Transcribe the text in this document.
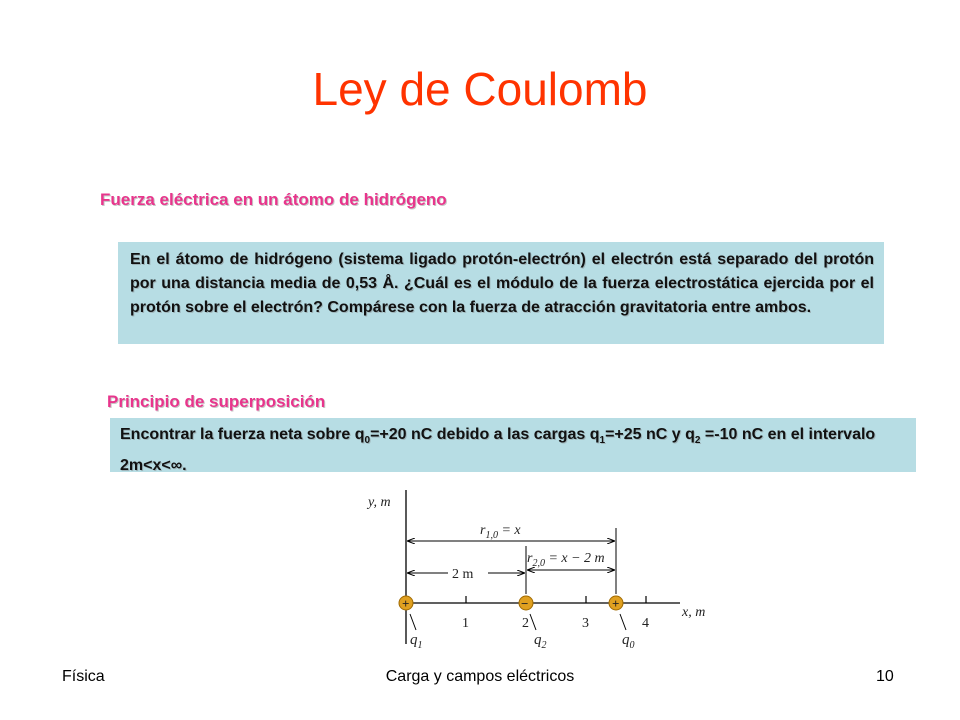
Ley de Coulomb
Fuerza eléctrica en un átomo de hidrógeno

En el átomo de hidrógeno (sistema ligado protón-electrón) el electrón está separado del protón por una distancia media de 0,53 Å. ¿Cuál es el módulo de la fuerza electrostática ejercida por el protón sobre el electrón? Compárese con la fuerza de atracción gravitatoria entre ambos.

Principio de superposición

Encontrar la fuerza neta sobre $q_0=+20$ nC debido a las cargas $q_1=+25$ nC y $q_2 =-10$ nC en el intervalo 2m<x<∞.

y, m
x, m
1	2	3	4
$r_{1,0} = x$
$r_{2,0} = x - 2$ m
2 m
+	−	+
$q_1$	$q_2$	$q_0$
Física	Carga y campos eléctricos	10
